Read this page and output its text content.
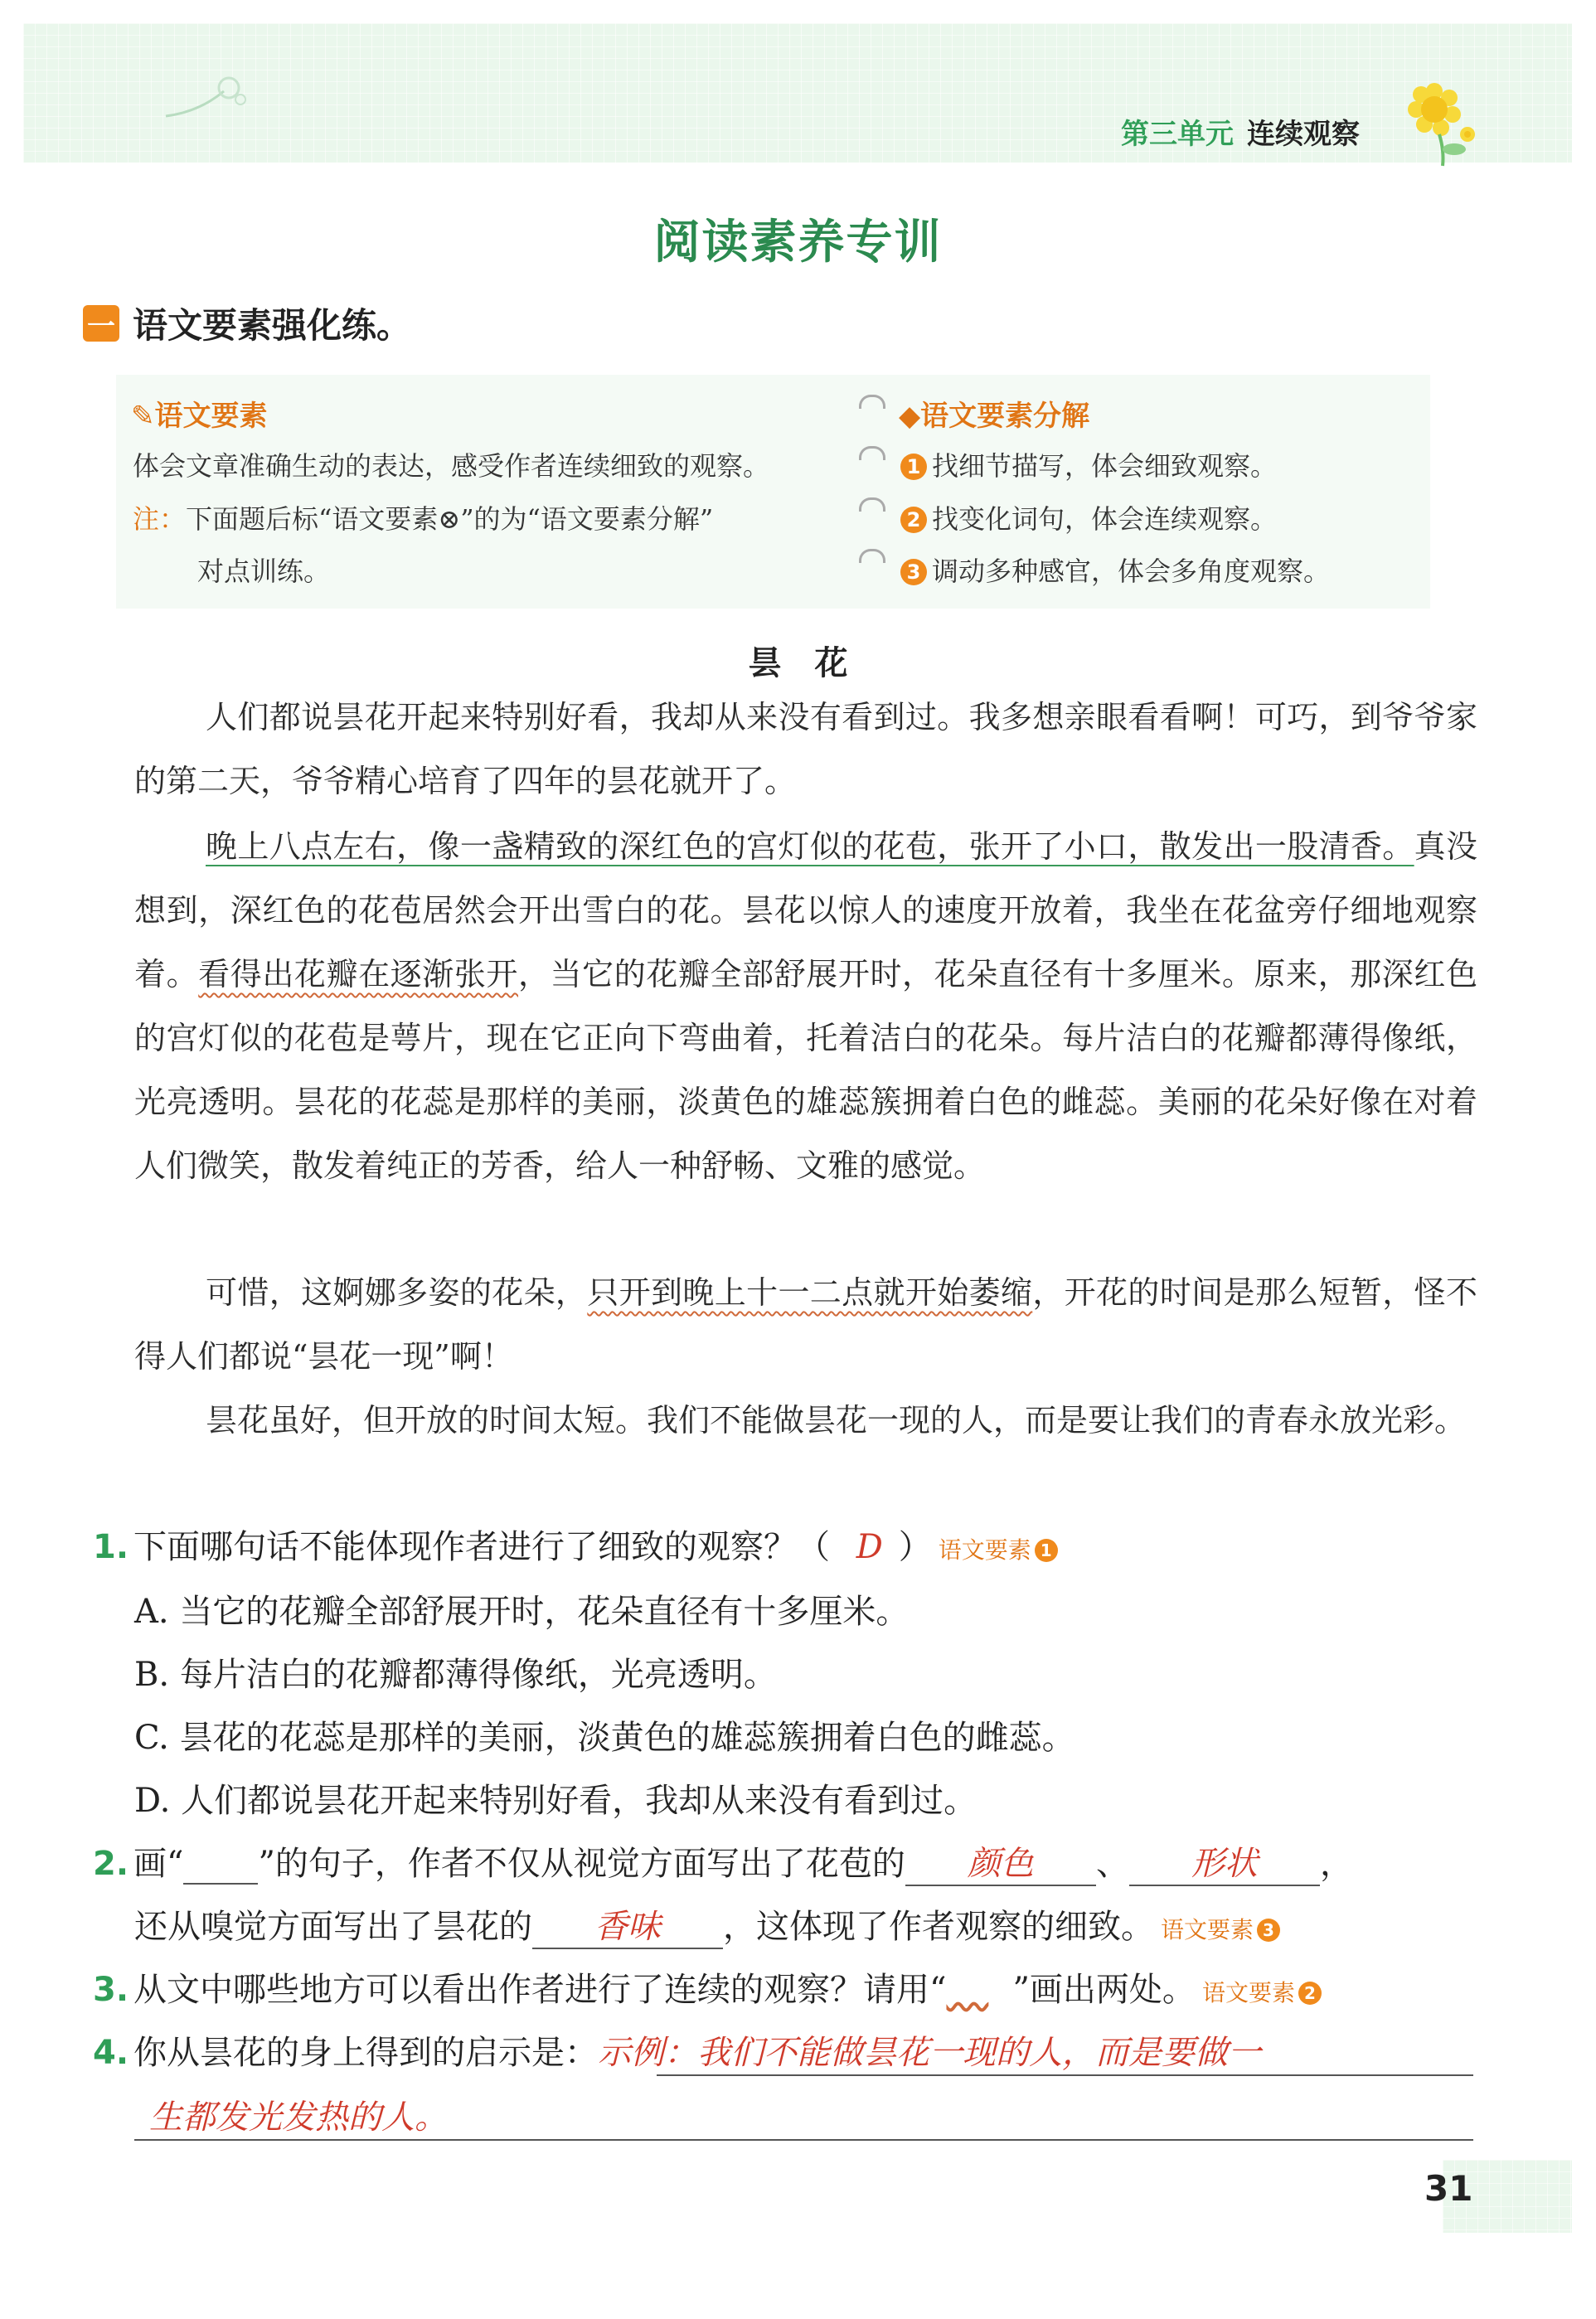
第三单元 连续观察
阅读素养专训
一 语文要素强化练。
✎语文要素
体会文章准确生动的表达，感受作者连续细致的观察。
注：下面题后标“语文要素⊗”的为“语文要素分解”
对点训练。
◆语文要素分解
1 找细节描写，体会细致观察。
2 找变化词句，体会连续观察。
3 调动多种感官，体会多角度观察。
昙　花

人们都说昙花开起来特别好看，我却从来没有看到过。我多想亲眼看看啊！可巧，到爷爷家的第二天，爷爷精心培育了四年的昙花就开了。

晚上八点左右，像一盏精致的深红色的宫灯似的花苞，张开了小口，散发出一股清香。真没想到，深红色的花苞居然会开出雪白的花。昙花以惊人的速度开放着，我坐在花盆旁仔细地观察着。看得出花瓣在逐渐张开，当它的花瓣全部舒展开时，花朵直径有十多厘米。原来，那深红色的宫灯似的花苞是萼片，现在它正向下弯曲着，托着洁白的花朵。每片洁白的花瓣都薄得像纸，光亮透明。昙花的花蕊是那样的美丽，淡黄色的雄蕊簇拥着白色的雌蕊。美丽的花朵好像在对着人们微笑，散发着纯正的芳香，给人一种舒畅、文雅的感觉。

可惜，这婀娜多姿的花朵，只开到晚上十一二点就开始萎缩，开花的时间是那么短暂，怪不得人们都说“昙花一现”啊！

昙花虽好，但开放的时间太短。我们不能做昙花一现的人，而是要让我们的青春永放光彩。

1. 下面哪句话不能体现作者进行了细致的观察？（ D ） 语文要素 1
A. 当它的花瓣全部舒展开时，花朵直径有十多厘米。
B. 每片洁白的花瓣都薄得像纸，光亮透明。
C. 昙花的花蕊是那样的美丽，淡黄色的雄蕊簇拥着白色的雌蕊。
D. 人们都说昙花开起来特别好看，我却从来没有看到过。
2. 画“ ”的句子，作者不仅从视觉方面写出了花苞的 颜色 、 形状 ，
还从嗅觉方面写出了昙花的 香味 ，这体现了作者观察的细致。 语文要素 3
3. 从文中哪些地方可以看出作者进行了连续的观察？请用“ ”画出两处。 语文要素 2
4. 你从昙花的身上得到的启示是：示例：我们不能做昙花一现的人，而是要做一
生都发光发热的人。
31
